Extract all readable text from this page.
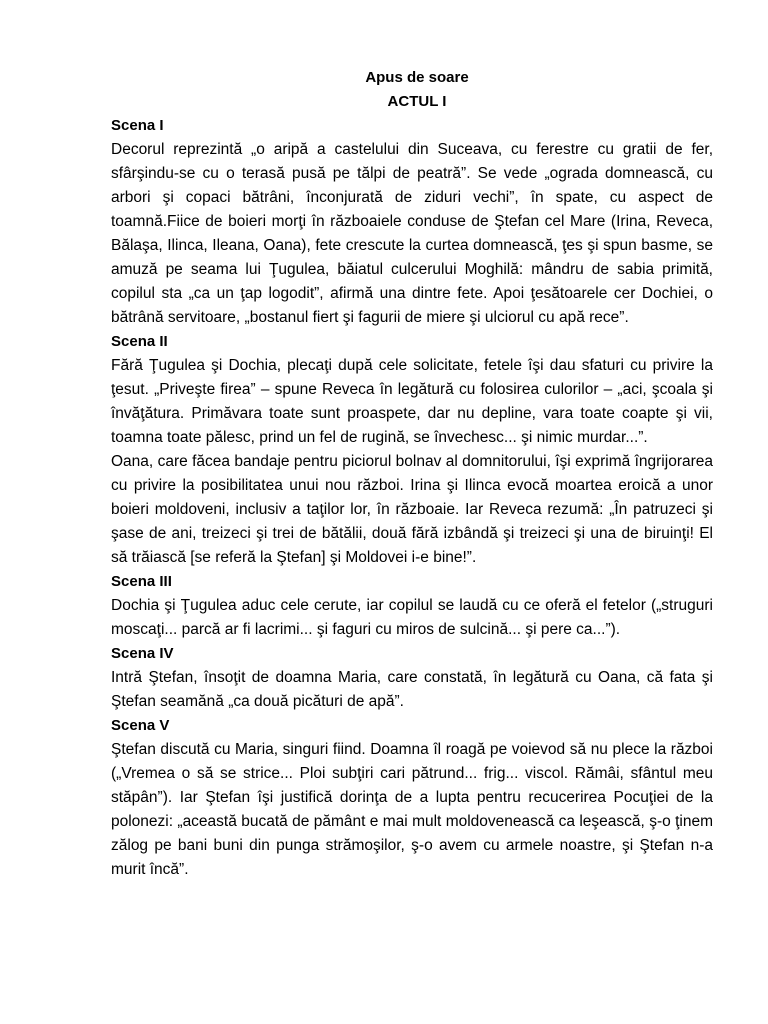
Apus de soare

ACTUL I

Scena I

Decorul reprezintă „o aripă a castelului din Suceava, cu ferestre cu gratii de fer, sfârşindu-se cu o terasă pusă pe tălpi de peatră”. Se vede „ograda domnească, cu arbori şi copaci bătrâni, înconjurată de ziduri vechi”, în spate, cu aspect de toamnă.Fiice de boieri morţi în războaiele conduse de Ştefan cel Mare (Irina, Reveca, Bălaşa, Ilinca, Ileana, Oana), fete crescute la curtea domnească, ţes şi spun basme, se amuză pe seama lui Ţugulea, băiatul culcerului Moghilă: mândru de sabia primită, copilul sta „ca un ţap logodit”, afirmă una dintre fete. Apoi ţesătoarele cer Dochiei, o bătrână servitoare, „bostanul fiert şi fagurii de miere şi ulciorul cu apă rece”.

Scena II

Fără Ţugulea şi Dochia, plecaţi după cele solicitate, fetele îşi dau sfaturi cu privire la ţesut. „Priveşte firea” – spune Reveca în legătură cu folosirea culorilor – „aci, şcoala şi învăţătura. Primăvara toate sunt proaspete, dar nu depline, vara toate coapte şi vii, toamna toate pălesc, prind un fel de rugină, se învechesc... şi nimic murdar...”.

Oana, care făcea bandaje pentru piciorul bolnav al domnitorului, îşi exprimă îngrijorarea cu privire la posibilitatea unui nou război. Irina şi Ilinca evocă moartea eroică a unor boieri moldoveni, inclusiv a taţilor lor, în războaie. Iar Reveca rezumă: „În patruzeci şi şase de ani, treizeci şi trei de bătălii, două fără izbândă şi treizeci şi una de biruinţi! El să trăiască [se referă la Ştefan] şi Moldovei i-e bine!”.

Scena III

Dochia şi Ţugulea aduc cele cerute, iar copilul se laudă cu ce oferă el fetelor („struguri moscaţi... parcă ar fi lacrimi... şi faguri cu miros de sulcină... şi pere ca...”).

Scena IV

Intră Ştefan, însoţit de doamna Maria, care constată, în legătură cu Oana, că fata şi Ştefan seamănă „ca două picături de apă”.

Scena V

Ştefan discută cu Maria, singuri fiind. Doamna îl roagă pe voievod să nu plece la război („Vremea o să se strice... Ploi subţiri cari pătrund... frig... viscol. Rămâi, sfântul meu stăpân”). Iar Ştefan îşi justifică dorinţa de a lupta pentru recucerirea Pocuţiei de la polonezi: „această bucată de pământ e mai mult moldovenească ca leşească, ş-o ţinem zălog pe bani buni din punga strămoşilor, ş-o avem cu armele noastre, şi Ştefan n-a murit încă”.
